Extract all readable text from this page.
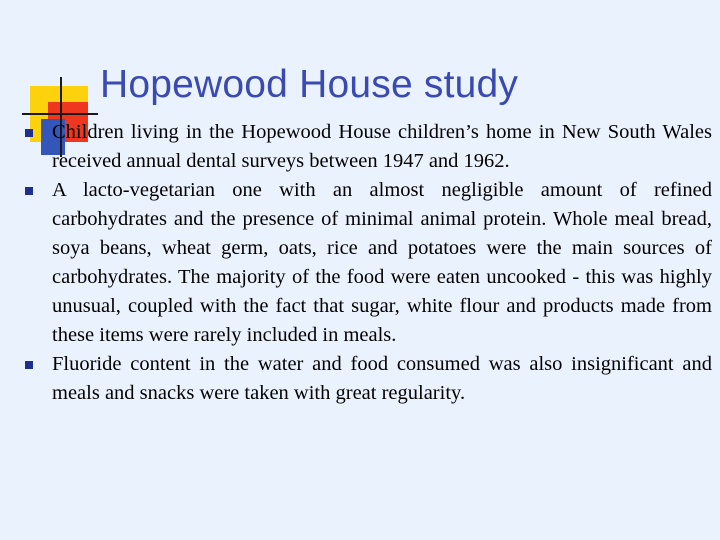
Hopewood House study
Children living in the Hopewood House children’s home in New South Wales received annual dental surveys between 1947 and 1962.
A lacto-vegetarian one with an almost negligible amount of refined carbohydrates and the presence of minimal animal protein. Whole meal bread, soya beans, wheat germ, oats, rice and potatoes were the main sources of carbohydrates. The majority of the food were eaten uncooked - this was highly unusual, coupled with the fact that sugar, white flour and products made from these items were rarely included in meals.
Fluoride content in the water and food consumed was also insignificant and meals and snacks were taken with great regularity.
